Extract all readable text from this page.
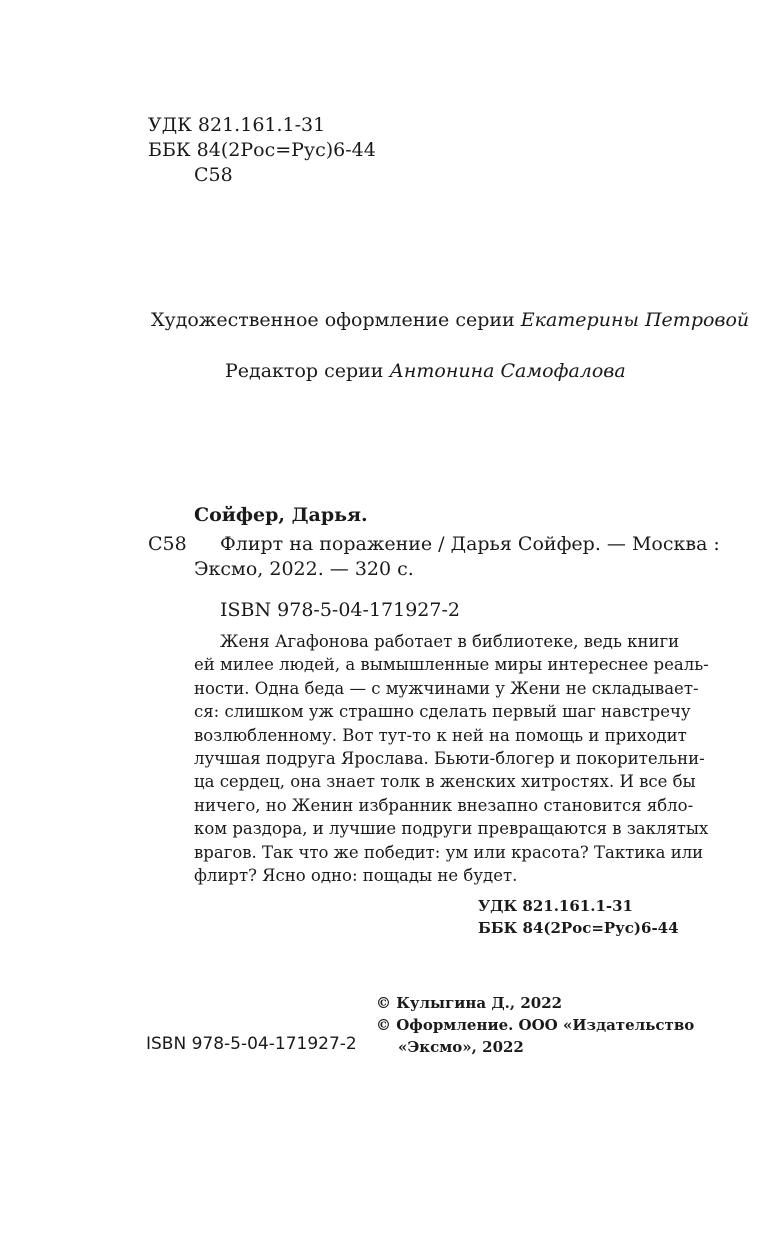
УДК 821.161.1-31
ББК 84(2Рос=Рус)6-44
С58
Художественное оформление серии Екатерины Петровой
Редактор серии Антонина Самофалова
Сойфер, Дарья.
С58 Флирт на поражение / Дарья Сойфер. — Москва :
Эксмо, 2022. — 320 с.
ISBN 978-5-04-171927-2
Женя Агафонова работает в библиотеке, ведь книги
ей милее людей, а вымышленные миры интереснее реаль-
ности. Одна беда — с мужчинами у Жени не складывает-
ся: слишком уж страшно сделать первый шаг навстречу
возлюбленному. Вот тут-то к ней на помощь и приходит
лучшая подруга Ярослава. Бьюти-блогер и покорительни-
ца сердец, она знает толк в женских хитростях. И все бы
ничего, но Женин избранник внезапно становится ябло-
ком раздора, и лучшие подруги превращаются в заклятых
врагов. Так что же победит: ум или красота? Тактика или
флирт? Ясно одно: пощады не будет.
УДК 821.161.1-31
ББК 84(2Рос=Рус)6-44
© Кулыгина Д., 2022
© Оформление. ООО «Издательство
ISBN 978-5-04-171927-2	«Эксмо», 2022
